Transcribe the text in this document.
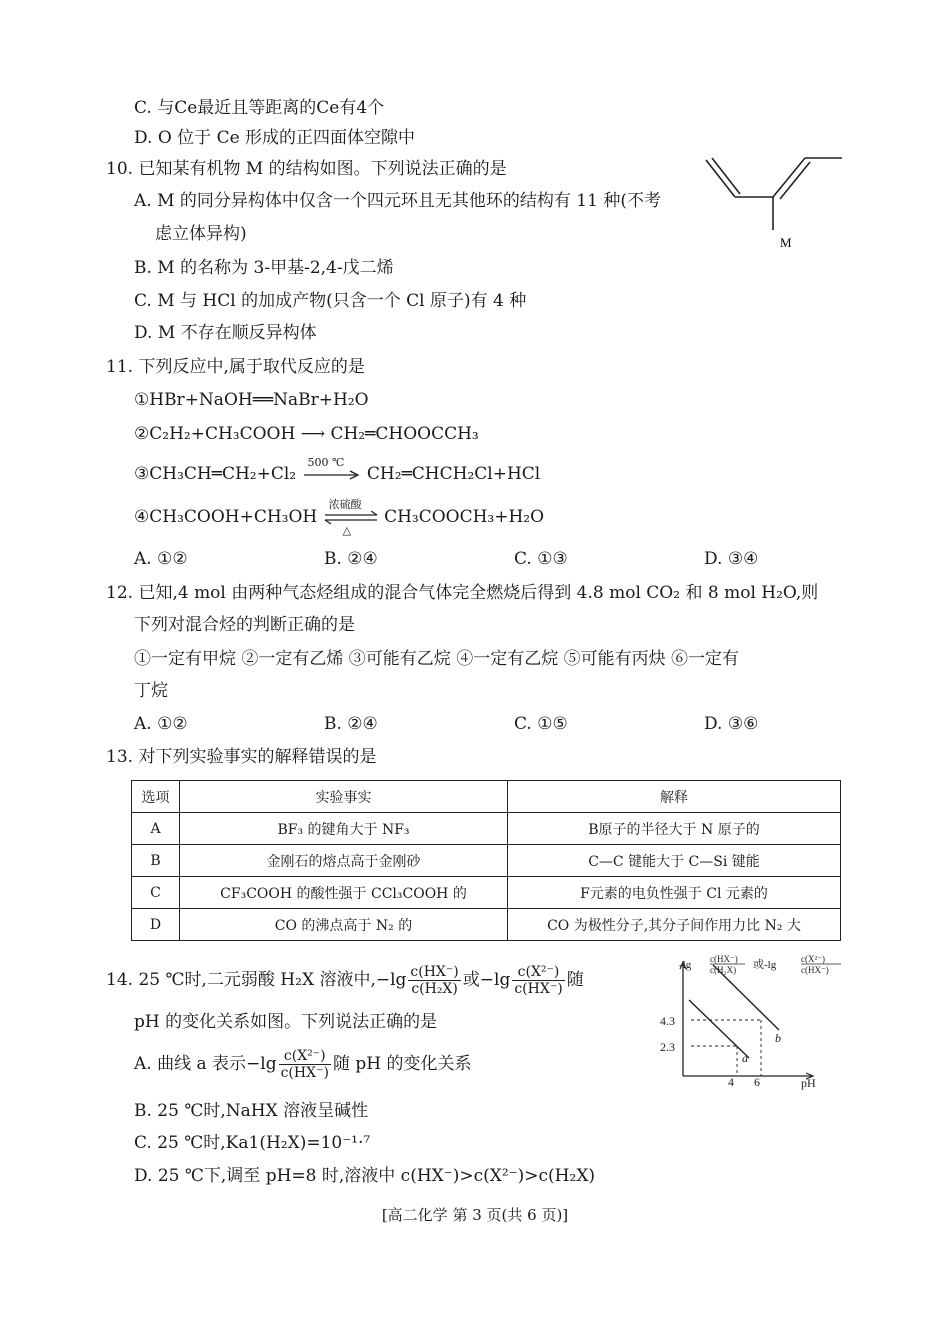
C. 与Ce最近且等距离的Ce有4个
D. O 位于 Ce 形成的正四面体空隙中
10. 已知某有机物 M 的结构如图。下列说法正确的是
A. M 的同分异构体中仅含一个四元环且无其他环的结构有 11 种(不考
虑立体异构)
B. M 的名称为 3-甲基-2,4-戊二烯
C. M 与 HCl 的加成产物(只含一个 Cl 原子)有 4 种
D. M 不存在顺反异构体
M
11. 下列反应中,属于取代反应的是
①HBr+NaOH══NaBr+H₂O
②C₂H₂+CH₃COOH ⟶ CH₂═CHOOCCH₃
③CH₃CH═CH₂+Cl₂
500 ℃
CH₂═CHCH₂Cl+HCl
④CH₃COOH+CH₃OH
浓硫酸
△
CH₃COOCH₃+H₂O
A. ①②	B. ②④	C. ①③	D. ③④
12. 已知,4 mol 由两种气态烃组成的混合气体完全燃烧后得到 4.8 mol CO₂ 和 8 mol H₂O,则
下列对混合烃的判断正确的是
①一定有甲烷 ②一定有乙烯 ③可能有乙烷 ④一定有乙烷 ⑤可能有丙炔 ⑥一定有
丁烷
A. ①②	B. ②④	C. ①⑤	D. ③⑥
13. 对下列实验事实的解释错误的是
选项	实验事实	解释
A	BF₃ 的键角大于 NF₃	B原子的半径大于 N 原子的
B	金刚石的熔点高于金刚砂	C—C 键能大于 C—Si 键能
C	CF₃COOH 的酸性强于 CCl₃COOH 的	F元素的电负性强于 Cl 元素的
D	CO 的沸点高于 N₂ 的	CO 为极性分子,其分子间作用力比 N₂ 大
14. 25 ℃时,二元弱酸 H₂X 溶液中$,-\lg \frac{c(HX^-)}{\text{c(H₂X)}}$ 或$-\lg \frac{\text{c(X²⁻)}}{c(HX^-)}$ 随
pH 的变化关系如图。下列说法正确的是
A. 曲线 a 表示$-\lg \frac{\text{c(X²⁻)}}{c(HX^-)}$ 随 pH 的变化关系
B. 25 ℃时,NaHX 溶液呈碱性
C. 25 ℃时,Ka1(H₂X)=10⁻¹·⁷
D. 25 ℃下,调至 pH=8 时,溶液中 c(HX⁻)>c(X²⁻)>c(H₂X)
-lg c(HX⁻)
c(H₂X) 或-lg	c(X²⁻)
c(HX⁻)
4.3
2.3
4 6	pH
a
b
[高二化学 第 3 页(共 6 页)]
